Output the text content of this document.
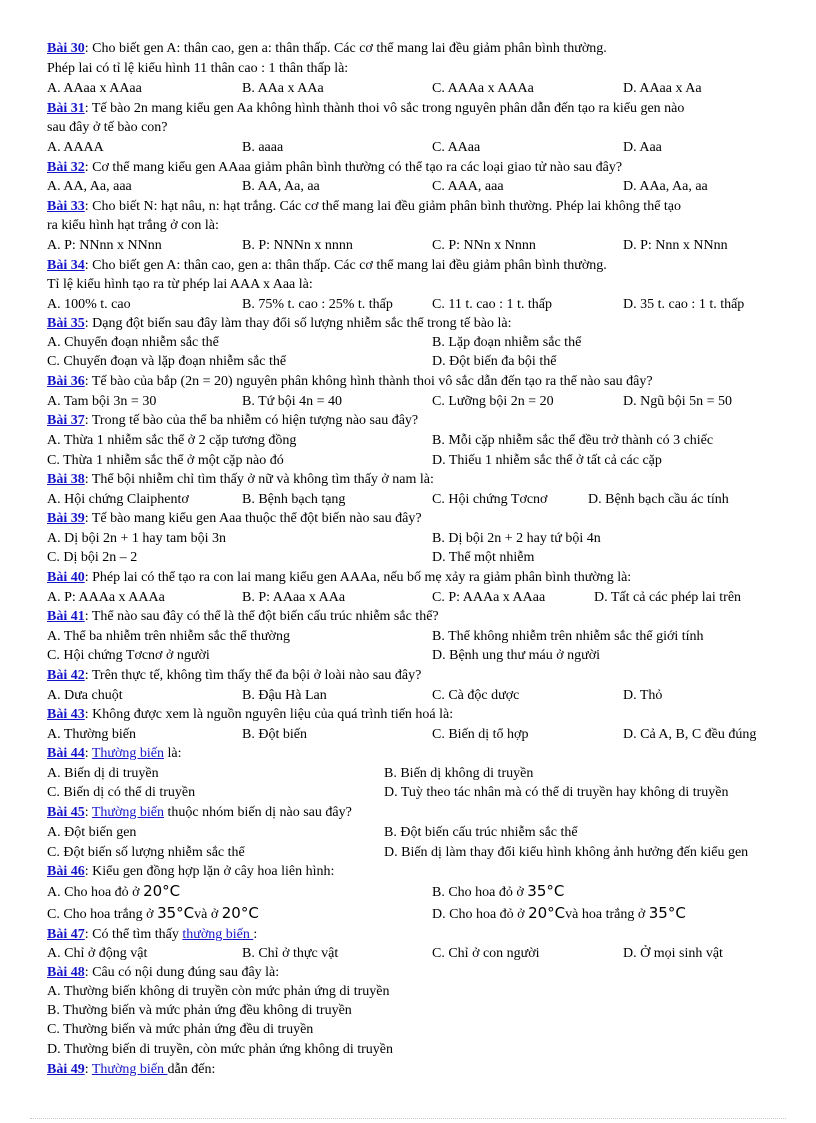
Bài 30: Cho biết gen A: thân cao, gen a: thân thấp. Các cơ thể mang lai đều giảm phân bình thường.
Phép lai có tỉ lệ kiểu hình 11 thân cao : 1 thân thấp là:
A. AAaa x AAaa	B. AAa x AAa	C. AAAa x AAAa	D. AAaa x Aa
Bài 31: Tế bào 2n mang kiểu gen Aa không hình thành thoi vô sắc trong nguyên phân dẫn đến tạo ra kiểu gen nào
sau đây ở tế bào con?
A. AAAA	B. aaaa	C. AAaa	D. Aaa
Bài 32: Cơ thể mang kiểu gen AAaa giảm phân bình thường có thể tạo ra các loại giao tử nào sau đây?
A. AA, Aa, aaa	B. AA, Aa, aa	C. AAA, aaa	D. AAa, Aa, aa
Bài 33: Cho biết N: hạt nâu, n: hạt trắng. Các cơ thể mang lai đều giảm phân bình thường. Phép lai không thể tạo
ra kiểu hình hạt trắng ở con là:
A. P: NNnn x NNnn	B. P: NNNn x nnnn	C. P: NNn x Nnnn	D. P: Nnn x NNnn
Bài 34: Cho biết gen A: thân cao, gen a: thân thấp. Các cơ thể mang lai đều giảm phân bình thường.
Tỉ lệ kiểu hình tạo ra từ phép lai AAA x Aaa là:
A. 100% t. cao	B. 75% t. cao : 25% t. thấp	C. 11 t. cao : 1 t. thấp	D. 35 t. cao : 1 t. thấp
Bài 35: Dạng đột biến sau đây làm thay đổi số lượng nhiễm sắc thể trong tế bào là:
A. Chuyển đoạn nhiễm sắc thể	B. Lặp đoạn nhiễm sắc thể
C. Chuyển đoạn và lặp đoạn nhiễm sắc thể	D. Đột biến đa bội thể
Bài 36: Tế bào của bắp (2n = 20) nguyên phân không hình thành thoi vô sắc dẫn đến tạo ra thể nào sau đây?
A. Tam bội 3n = 30	B. Tứ bội 4n = 40	C. Lưỡng bội 2n = 20	D. Ngũ bội 5n = 50
Bài 37: Trong tế bào của thể ba nhiễm có hiện tượng nào sau đây?
A. Thừa 1 nhiễm sắc thể ở 2 cặp tương đồng	B. Mỗi cặp nhiễm sắc thể đều trở thành có 3 chiếc
C. Thừa 1 nhiễm sắc thể ở một cặp nào đó	D. Thiếu 1 nhiễm sắc thể ở tất cả các cặp
Bài 38: Thể bội nhiễm chỉ tìm thấy ở nữ và không tìm thấy ở nam là:
A. Hội chứng Claiphentơ	B. Bệnh bạch tạng	C. Hội chứng Tơcnơ	D. Bệnh bạch cầu ác tính
Bài 39: Tế bào mang kiểu gen Aaa thuộc thể đột biến nào sau đây?
A. Dị bội 2n + 1 hay tam bội 3n	B. Dị bội 2n + 2 hay tứ bội 4n
C. Dị bội 2n – 2	D. Thể một nhiễm
Bài 40: Phép lai có thể tạo ra con lai mang kiểu gen AAAa, nếu bố mẹ xảy ra giảm phân bình thường là:
A. P: AAAa x AAAa	B. P: AAaa x AAa	C. P: AAAa x AAaa	D. Tất cả các phép lai trên
Bài 41: Thể nào sau đây có thể là thể đột biến cấu trúc nhiễm sắc thể?
A. Thể ba nhiễm trên nhiễm sắc thể thường	B. Thể không nhiễm trên nhiễm sắc thể giới tính
C. Hội chứng Tơcnơ ở người	D. Bệnh ung thư máu ở người
Bài 42: Trên thực tế, không tìm thấy thể đa bội ở loài nào sau đây?
A. Dưa chuột	B. Đậu Hà Lan	C. Cà độc dược	D. Thỏ
Bài 43: Không được xem là nguồn nguyên liệu của quá trình tiến hoá là:
A. Thường biến	B. Đột biến	C. Biến dị tổ hợp	D. Cả A, B, C đều đúng
Bài 44: Thường biến là:
A. Biến dị di truyền	B. Biến dị không di truyền
C. Biến dị có thể di truyền	D. Tuỳ theo tác nhân mà có thể di truyền hay không di truyền
Bài 45: Thường biến thuộc nhóm biến dị nào sau đây?
A. Đột biến gen	B. Đột biến cấu trúc nhiễm sắc thể
C. Đột biến số lượng nhiễm sắc thể	D. Biến dị làm thay đổi kiểu hình không ảnh hưởng đến kiểu gen
Bài 46: Kiểu gen đồng hợp lặn ở cây hoa liên hình:
A. Cho hoa đỏ ở 20°C	B. Cho hoa đỏ ở 35°C
C. Cho hoa trắng ở 35°Cvà ở 20°C	D. Cho hoa đỏ ở 20°Cvà hoa trắng ở 35°C
Bài 47: Có thể tìm thấy thường biến :
A. Chỉ ở động vật	B. Chỉ ở thực vật	C. Chỉ ở con người	D. Ở mọi sinh vật
Bài 48: Câu có nội dung đúng sau đây là:
A. Thường biến không di truyền còn mức phản ứng di truyền
B. Thường biến và mức phản ứng đều không di truyền
C. Thường biến và mức phản ứng đều di truyền
D. Thường biến di truyền, còn mức phản ứng không di truyền
Bài 49: Thường biến dẫn đến:
